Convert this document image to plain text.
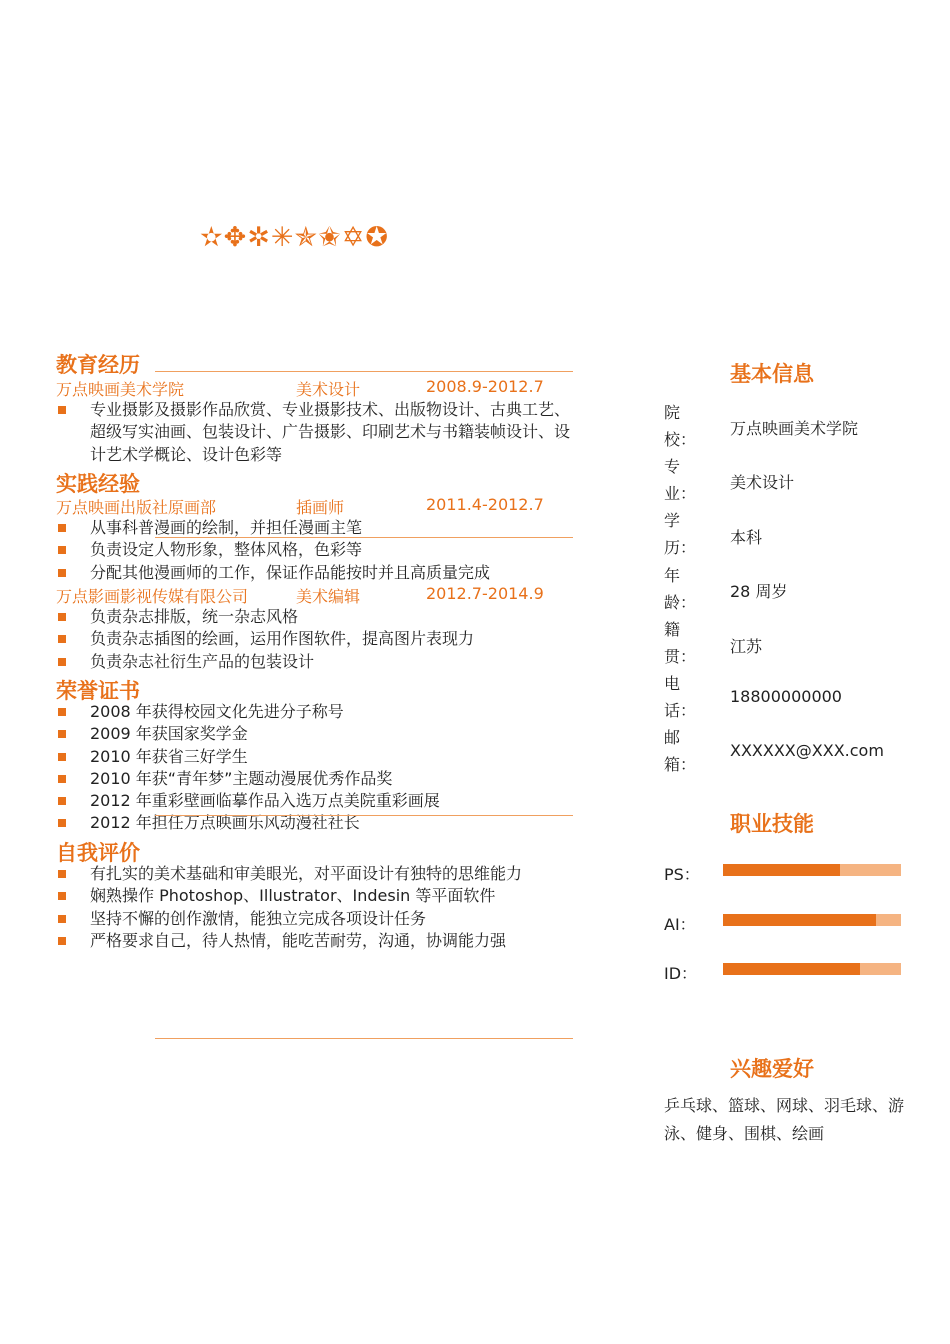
✫✥✲✳✯✬✡✪
教育经历
万点映画美术学院	美术设计	2008.9-2012.7
专业摄影及摄影作品欣赏、专业摄影技术、出版物设计、古典工艺、超级写实油画、包装设计、广告摄影、印刷艺术与书籍装帧设计、设计艺术学概论、设计色彩等
实践经验
万点映画出版社原画部	插画师	2011.4-2012.7
从事科普漫画的绘制，并担任漫画主笔
负责设定人物形象，整体风格，色彩等
分配其他漫画师的工作，保证作品能按时并且高质量完成
万点影画影视传媒有限公司	美术编辑	2012.7-2014.9
负责杂志排版，统一杂志风格
负责杂志插图的绘画，运用作图软件，提高图片表现力
负责杂志社衍生产品的包装设计
荣誉证书
2008 年获得校园文化先进分子称号
2009 年获国家奖学金
2010 年获省三好学生
2010 年获“青年梦”主题动漫展优秀作品奖
2012 年重彩壁画临摹作品入选万点美院重彩画展
2012 年担任万点映画乐风动漫社社长
自我评价
有扎实的美术基础和审美眼光，对平面设计有独特的思维能力
娴熟操作 Photoshop、Illustrator、Indesin 等平面软件
坚持不懈的创作激情，能独立完成各项设计任务
严格要求自己，待人热情，能吃苦耐劳，沟通，协调能力强
基本信息
院校：
万点映画美术学院
专业：
美术设计
学历：
本科
年龄：
28 周岁
籍贯：
江苏
电话：
18800000000
邮箱：
XXXXXX@XXX.com
职业技能
PS：
AI：
ID：
兴趣爱好
乒乓球、篮球、网球、羽毛球、游泳、健身、围棋、绘画
